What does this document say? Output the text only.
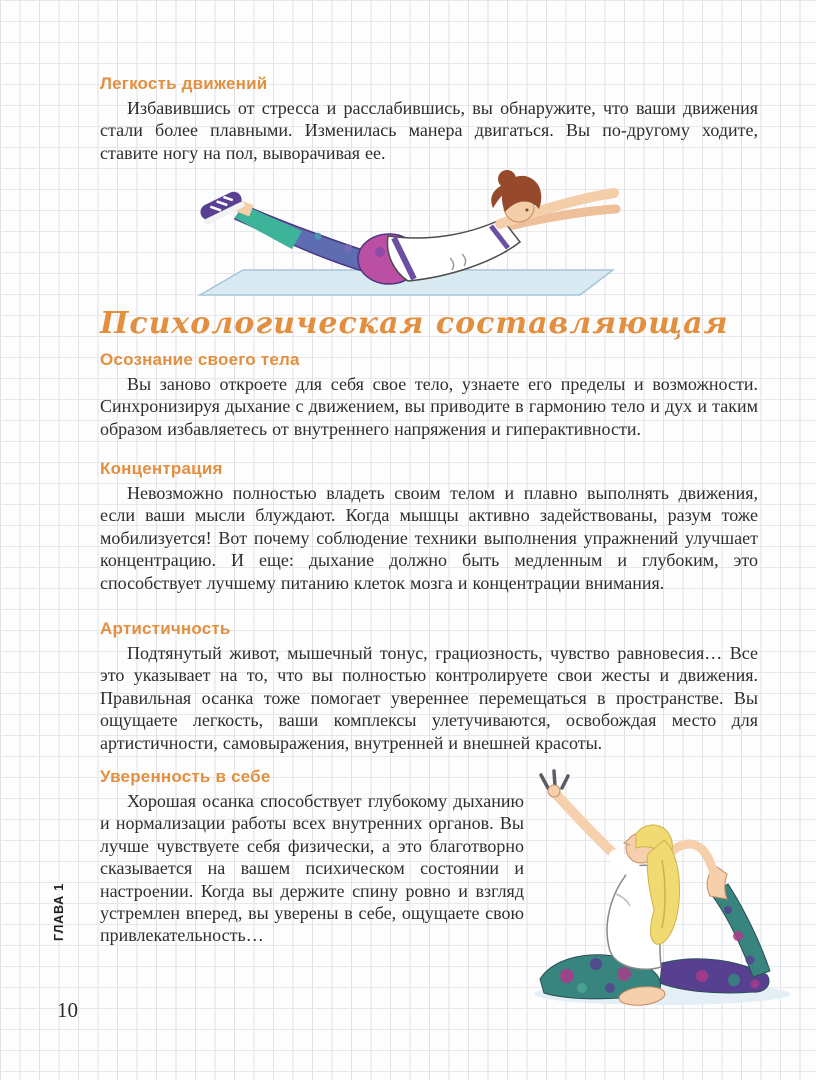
ГЛАВА 1
10
Легкость движений

Избавившись от стресса и расслабившись, вы обнаружите, что ваши движения стали более плавными. Изменилась манера двигаться. Вы по-другому ходите, ставите ногу на пол, выворачивая ее.

Психологическая составляющая
Осознание своего тела

Вы заново откроете для себя свое тело, узнаете его пределы и возможности. Синхронизируя дыхание с движением, вы приводите в гармонию тело и дух и таким образом избавляетесь от внутреннего напряжения и гиперактивности.

Концентрация

Невозможно полностью владеть своим телом и плавно выполнять движения, если ваши мысли блуждают. Когда мышцы активно задействованы, разум тоже мобилизуется! Вот почему соблюдение техники выполнения упражнений улучшает концентрацию. И еще: дыхание должно быть медленным и глубоким, это способствует лучшему питанию клеток мозга и концентрации внимания.

Артистичность

Подтянутый живот, мышечный тонус, грациозность, чувство равновесия… Все это указывает на то, что вы полностью контролируете свои жесты и движения. Правильная осанка тоже помогает увереннее перемещаться в пространстве. Вы ощущаете легкость, ваши комплексы улетучиваются, освобождая место для артистичности, самовыражения, внутренней и внешней красоты.

Уверенность в себе

Хорошая осанка способствует глубокому дыханию и нормализации работы всех внутренних органов. Вы лучше чувствуете себя физически, а это благотворно сказывается на вашем психическом состоянии и настроении. Когда вы держите спину ровно и взгляд устремлен вперед, вы уверены в себе, ощущаете свою привлекательность…
